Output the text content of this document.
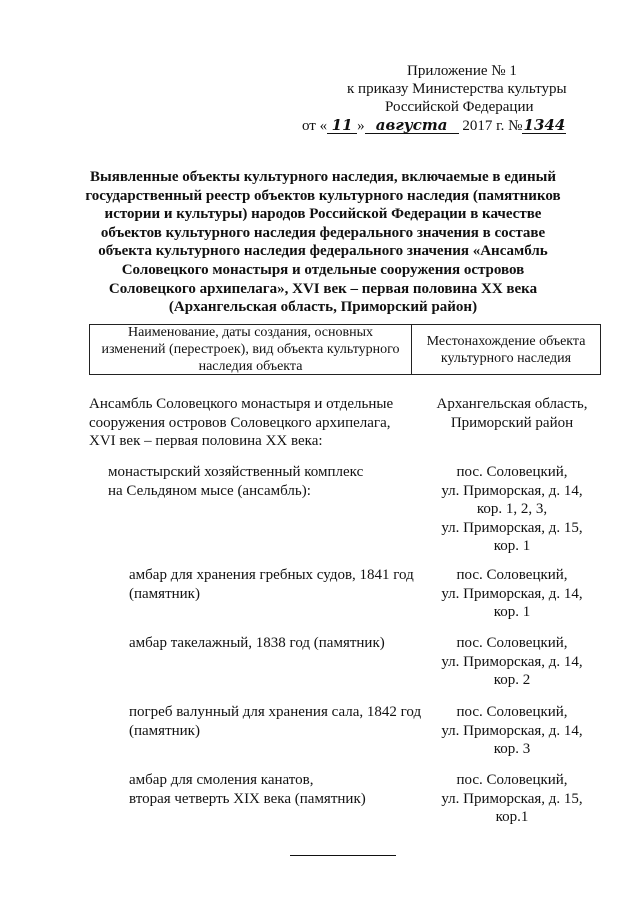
Приложение № 1
к приказу Министерства культуры
Российской Федерации
от « 11 » августа 2017 г. №1344
Выявленные объекты культурного наследия, включаемые в единый государственный реестр объектов культурного наследия (памятников истории и культуры) народов Российской Федерации в качестве объектов культурного наследия федерального значения в составе объекта культурного наследия федерального значения «Ансамбль Соловецкого монастыря и отдельные сооружения островов Соловецкого архипелага», XVI век – первая половина XX века (Архангельская область, Приморский район)
Наименование, даты создания, основных изменений (перестроек), вид объекта культурного наследия объекта
Местонахождение объекта культурного наследия
Ансамбль Соловецкого монастыря и отдельные
сооружения островов Соловецкого архипелага,
XVI век – первая половина XX века:
Архангельская область,
Приморский район
монастырский хозяйственный комплекс
на Сельдяном мысе (ансамбль):
пос. Соловецкий,
ул. Приморская, д. 14,
кор. 1, 2, 3,
ул. Приморская, д. 15,
кор. 1
амбар для хранения гребных судов, 1841 год
(памятник)
пос. Соловецкий,
ул. Приморская, д. 14,
кор. 1
амбар такелажный, 1838 год (памятник)	пос. Соловецкий,
ул. Приморская, д. 14,
кор. 2
погреб валунный для хранения сала, 1842 год
(памятник)
пос. Соловецкий,
ул. Приморская, д. 14,
кор. 3
амбар для смоления канатов,
вторая четверть XIX века (памятник)
пос. Соловецкий,
ул. Приморская, д. 15,
кор.1
